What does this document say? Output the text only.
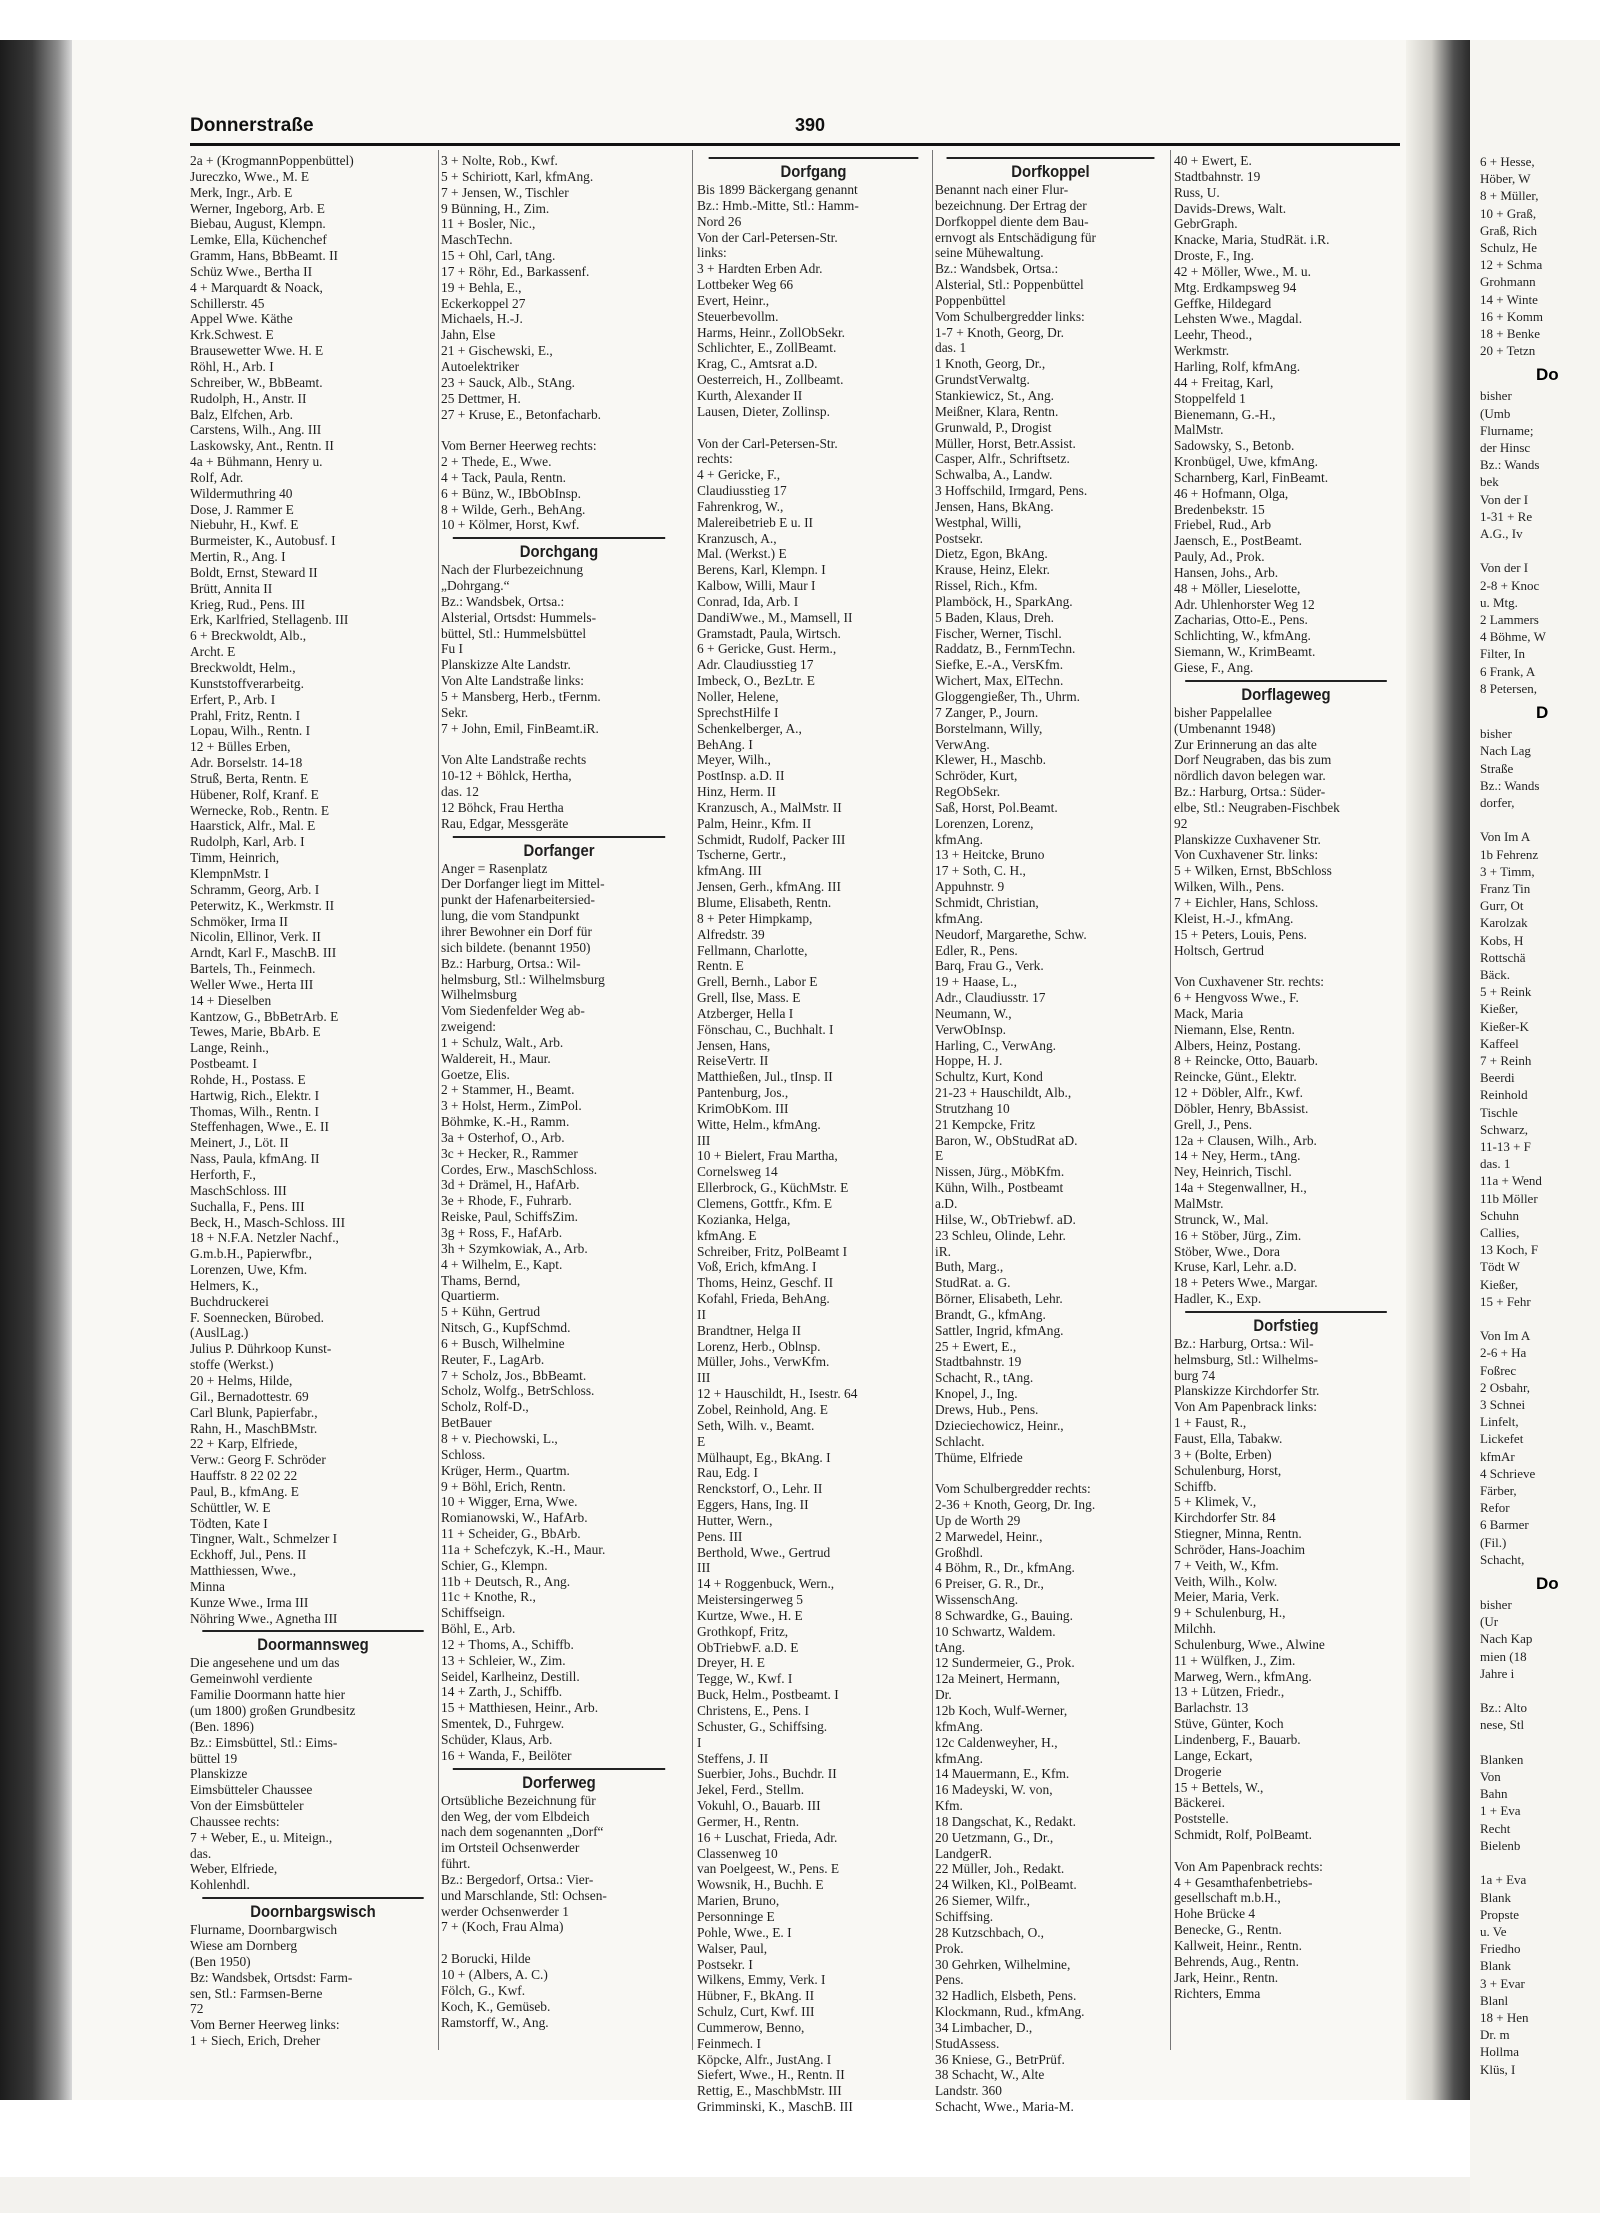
6 + Hesse,
Höber, W
8 + Müller,
10 + Graß,
Graß, Rich
Schulz, He
12 + Schma
Grohmann
14 + Winte
16 + Komm
18 + Benke
20 + Tetzn
Do
bisher
(Umb
Flurname;
der Hinsc
Bz.: Wands
bek
Von der I
1-31 + Re
A.G., Iv

Von der I
2-8 + Knoc
u. Mtg.
2 Lammers
4 Böhme, W
Filter, In
6 Frank, A
8 Petersen,
D
bisher
Nach Lag
Straße
Bz.: Wands
dorfer,

Von Im A
1b Fehrenz
3 + Timm,
Franz Tin
Gurr, Ot
Karolzak
Kobs, H
Rottschä
Bäck.
5 + Reink
Kießer,
Kießer-K
Kaffeel
7 + Reinh
Beerdi
Reinhold
Tischle
Schwarz,
11-13 + F
das. 1
11a + Wend
11b Möller
Schuhn
Callies,
13 Koch, F
Tödt W
Kießer,
15 + Fehr

Von Im A
2-6 + Ha
Foßrec
2 Osbahr,
3 Schnei
Linfelt,
Lickefet
kfmAr
4 Schrieve
Färber,
Refor
6 Barmer
(Fil.)
Schacht,
Do
bisher
(Ur
Nach Kap
mien (18
Jahre i

Bz.: Alto
nese, Stl

Blanken
Von
Bahn
1 + Eva
Recht
Bielenb

1a + Eva
Blank
Propste
u. Ve
Friedho
Blank
3 + Evar
Blanl
18 + Hen
Dr. m
Hollma
Klüs, I
Donnerstraße	390
2a + (KrogmannPoppenbüttel)
Jureczko, Wwe., M. E
Merk, Ingr., Arb. E
Werner, Ingeborg, Arb. E
Biebau, August, Klempn.
Lemke, Ella, Küchenchef
Gramm, Hans, BbBeamt. II
Schüz Wwe., Bertha II
4 + Marquardt & Noack,
Schillerstr. 45
Appel Wwe. Käthe
Krk.Schwest. E
Brausewetter Wwe. H. E
Röhl, H., Arb. I
Schreiber, W., BbBeamt.
Rudolph, H., Anstr. II
Balz, Elfchen, Arb.
Carstens, Wilh., Ang. III
Laskowsky, Ant., Rentn. II
4a + Bühmann, Henry u.
Rolf, Adr.
Wildermuthring 40
Dose, J. Rammer E
Niebuhr, H., Kwf. E
Burmeister, K., Autobusf. I
Mertin, R., Ang. I
Boldt, Ernst, Steward II
Brütt, Annita II
Krieg, Rud., Pens. III
Erk, Karlfried, Stellagenb. III
6 + Breckwoldt, Alb.,
Archt. E
Breckwoldt, Helm.,
Kunststoffverarbeitg.
Erfert, P., Arb. I
Prahl, Fritz, Rentn. I
Lopau, Wilh., Rentn. I
12 + Bülles Erben,
Adr. Borselstr. 14-18
Struß, Berta, Rentn. E
Hübener, Rolf, Kranf. E
Wernecke, Rob., Rentn. E
Haarstick, Alfr., Mal. E
Rudolph, Karl, Arb. I
Timm, Heinrich,
KlempnMstr. I
Schramm, Georg, Arb. I
Peterwitz, K., Werkmstr. II
Schmöker, Irma II
Nicolin, Ellinor, Verk. II
Arndt, Karl F., MaschB. III
Bartels, Th., Feinmech.
Weller Wwe., Herta III
14 + Dieselben
Kantzow, G., BbBetrArb. E
Tewes, Marie, BbArb. E
Lange, Reinh.,
Postbeamt. I
Rohde, H., Postass. E
Hartwig, Rich., Elektr. I
Thomas, Wilh., Rentn. I
Steffenhagen, Wwe., E. II
Meinert, J., Löt. II
Nass, Paula, kfmAng. II
Herforth, F.,
MaschSchloss. III
Suchalla, F., Pens. III
Beck, H., Masch-Schloss. III
18 + N.F.A. Netzler Nachf.,
G.m.b.H., Papierwfbr.,
Lorenzen, Uwe, Kfm.
Helmers, K.,
Buchdruckerei
F. Soennecken, Bürobed.
(AuslLag.)
Julius P. Dührkoop Kunst-
stoffe (Werkst.)
20 + Helms, Hilde,
Gil., Bernadottestr. 69
Carl Blunk, Papierfabr.,
Rahn, H., MaschBMstr.
22 + Karp, Elfriede,
Verw.: Georg F. Schröder
Hauffstr. 8 22 02 22
Paul, B., kfmAng. E
Schüttler, W. E
Tödten, Kate I
Tingner, Walt., Schmelzer I
Eckhoff, Jul., Pens. II
Matthiessen, Wwe.,
Minna
Kunze Wwe., Irma III
Nöhring Wwe., Agnetha III
Doormannsweg
Die angesehene und um das
Gemeinwohl verdiente
Familie Doormann hatte hier
(um 1800) großen Grundbesitz
(Ben. 1896)
Bz.: Eimsbüttel, Stl.: Eims-
büttel 19
Planskizze
Eimsbütteler Chaussee
Von der Eimsbütteler
Chaussee rechts:
7 + Weber, E., u. Miteign.,
das.
Weber, Elfriede,
Kohlenhdl.
Doornbargswisch
Flurname, Doornbargwisch
Wiese am Dornberg
(Ben 1950)
Bz: Wandsbek, Ortsdst: Farm-
sen, Stl.: Farmsen-Berne
72
Vom Berner Heerweg links:
1 + Siech, Erich, Dreher
3 + Nolte, Rob., Kwf.
5 + Schiriott, Karl, kfmAng.
7 + Jensen, W., Tischler
9 Bünning, H., Zim.
11 + Bosler, Nic.,
MaschTechn.
15 + Ohl, Carl, tAng.
17 + Röhr, Ed., Barkassenf.
19 + Behla, E.,
Eckerkoppel 27
Michaels, H.-J.
Jahn, Else
21 + Gischewski, E.,
Autoelektriker
23 + Sauck, Alb., StAng.
25 Dettmer, H.
27 + Kruse, E., Betonfacharb.

Vom Berner Heerweg rechts:
2 + Thede, E., Wwe.
4 + Tack, Paula, Rentn.
6 + Bünz, W., IBbObInsp.
8 + Wilde, Gerh., BehAng.
10 + Kölmer, Horst, Kwf.
Dorchgang
Nach der Flurbezeichnung
„Dohrgang.“
Bz.: Wandsbek, Ortsa.:
Alsterial, Ortsdst: Hummels-
büttel, Stl.: Hummelsbüttel
Fu I
Planskizze Alte Landstr.
Von Alte Landstraße links:
5 + Mansberg, Herb., tFernm.
Sekr.
7 + John, Emil, FinBeamt.iR.

Von Alte Landstraße rechts
10-12 + Böhlck, Hertha,
das. 12
12 Böhck, Frau Hertha
Rau, Edgar, Messgeräte
Dorfanger
Anger = Rasenplatz
Der Dorfanger liegt im Mittel-
punkt der Hafenarbeitersied-
lung, die vom Standpunkt
ihrer Bewohner ein Dorf für
sich bildete. (benannt 1950)
Bz.: Harburg, Ortsa.: Wil-
helmsburg, Stl.: Wilhelmsburg
Wilhelmsburg
Vom Siedenfelder Weg ab-
zweigend:
1 + Schulz, Walt., Arb.
Waldereit, H., Maur.
Goetze, Elis.
2 + Stammer, H., Beamt.
3 + Holst, Herm., ZimPol.
Böhmke, K.-H., Ramm.
3a + Osterhof, O., Arb.
3c + Hecker, R., Rammer
Cordes, Erw., MaschSchloss.
3d + Drämel, H., HafArb.
3e + Rhode, F., Fuhrarb.
Reiske, Paul, SchiffsZim.
3g + Ross, F., HafArb.
3h + Szymkowiak, A., Arb.
4 + Wilhelm, E., Kapt.
Thams, Bernd,
Quartierm.
5 + Kühn, Gertrud
Nitsch, G., KupfSchmd.
6 + Busch, Wilhelmine
Reuter, F., LagArb.
7 + Scholz, Jos., BbBeamt.
Scholz, Wolfg., BetrSchloss.
Scholz, Rolf-D.,
BetBauer
8 + v. Piechowski, L.,
Schloss.
Krüger, Herm., Quartm.
9 + Böhl, Erich, Rentn.
10 + Wigger, Erna, Wwe.
Romianowski, W., HafArb.
11 + Scheider, G., BbArb.
11a + Schefczyk, K.-H., Maur.
Schier, G., Klempn.
11b + Deutsch, R., Ang.
11c + Knothe, R.,
Schiffseign.
Böhl, E., Arb.
12 + Thoms, A., Schiffb.
13 + Schleier, W., Zim.
Seidel, Karlheinz, Destill.
14 + Zarth, J., Schiffb.
15 + Matthiesen, Heinr., Arb.
Smentek, D., Fuhrgew.
Schüder, Klaus, Arb.
16 + Wanda, F., Beilöter
Dorferweg
Ortsübliche Bezeichnung für
den Weg, der vom Elbdeich
nach dem sogenannten „Dorf“
im Ortsteil Ochsenwerder
führt.
Bz.: Bergedorf, Ortsa.: Vier-
und Marschlande, Stl: Ochsen-
werder Ochsenwerder 1
7 + (Koch, Frau Alma)

2 Borucki, Hilde
10 + (Albers, A. C.)
Fölch, G., Kwf.
Koch, K., Gemüseb.
Ramstorff, W., Ang.
Dorfgang
Bis 1899 Bäckergang genannt
Bz.: Hmb.-Mitte, Stl.: Hamm-
Nord 26
Von der Carl-Petersen-Str.
links:
3 + Hardten Erben Adr.
Lottbeker Weg 66
Evert, Heinr.,
Steuerbevollm.
Harms, Heinr., ZollObSekr.
Schlichter, E., ZollBeamt.
Krag, C., Amtsrat a.D.
Oesterreich, H., Zollbeamt.
Kurth, Alexander II
Lausen, Dieter, Zollinsp.

Von der Carl-Petersen-Str.
rechts:
4 + Gericke, F.,
Claudiusstieg 17
Fahrenkrog, W.,
Malereibetrieb E u. II
Kranzusch, A.,
Mal. (Werkst.) E
Berens, Karl, Klempn. I
Kalbow, Willi, Maur I
Conrad, Ida, Arb. I
DandiWwe., M., Mamsell, II
Gramstadt, Paula, Wirtsch.
6 + Gericke, Gust. Herm.,
Adr. Claudiusstieg 17
Imbeck, O., BezLtr. E
Noller, Helene,
SprechstHilfe I
Schenkelberger, A.,
BehAng. I
Meyer, Wilh.,
PostInsp. a.D. II
Hinz, Herm. II
Kranzusch, A., MalMstr. II
Palm, Heinr., Kfm. II
Schmidt, Rudolf, Packer III
Tscherne, Gertr.,
kfmAng. III
Jensen, Gerh., kfmAng. III
Blume, Elisabeth, Rentn.
8 + Peter Himpkamp,
Alfredstr. 39
Fellmann, Charlotte,
Rentn. E
Grell, Bernh., Labor E
Grell, Ilse, Mass. E
Atzberger, Hella I
Fönschau, C., Buchhalt. I
Jensen, Hans,
ReiseVertr. II
Matthießen, Jul., tInsp. II
Pantenburg, Jos.,
KrimObKom. III
Witte, Helm., kfmAng.
III
10 + Bielert, Frau Martha,
Cornelsweg 14
Ellerbrock, G., KüchMstr. E
Clemens, Gottfr., Kfm. E
Kozianka, Helga,
kfmAng. E
Schreiber, Fritz, PolBeamt I
Voß, Erich, kfmAng. I
Thoms, Heinz, Geschf. II
Kofahl, Frieda, BehAng.
II
Brandtner, Helga II
Lorenz, Herb., Oblnsp.
Müller, Johs., VerwKfm.
III
12 + Hauschildt, H., Isestr. 64
Zobel, Reinhold, Ang. E
Seth, Wilh. v., Beamt.
E
Mülhaupt, Eg., BkAng. I
Rau, Edg. I
Renckstorf, O., Lehr. II
Eggers, Hans, Ing. II
Hutter, Wern.,
Pens. III
Berthold, Wwe., Gertrud
III
14 + Roggenbuck, Wern.,
Meistersingerweg 5
Kurtze, Wwe., H. E
Grothkopf, Fritz,
ObTriebwF. a.D. E
Dreyer, H. E
Tegge, W., Kwf. I
Buck, Helm., Postbeamt. I
Christens, E., Pens. I
Schuster, G., Schiffsing.
I
Steffens, J. II
Suerbier, Johs., Buchdr. II
Jekel, Ferd., Stellm.
Vokuhl, O., Bauarb. III
Germer, H., Rentn.
16 + Luschat, Frieda, Adr.
Classenweg 10
van Poelgeest, W., Pens. E
Wowsnik, H., Buchh. E
Marien, Bruno,
Personninge E
Pohle, Wwe., E. I
Walser, Paul,
Postsekr. I
Wilkens, Emmy, Verk. I
Hübner, F., BkAng. II
Schulz, Curt, Kwf. III
Cummerow, Benno,
Feinmech. I
Köpcke, Alfr., JustAng. I
Siefert, Wwe., H., Rentn. II
Rettig, E., MaschbMstr. III
Grimminski, K., MaschB. III
Dorfkoppel
Benannt nach einer Flur-
bezeichnung. Der Ertrag der
Dorfkoppel diente dem Bau-
ernvogt als Entschädigung für
seine Mühewaltung.
Bz.: Wandsbek, Ortsa.:
Alsterial, Stl.: Poppenbüttel
Poppenbüttel
Vom Schulbergredder links:
1-7 + Knoth, Georg, Dr.
das. 1
1 Knoth, Georg, Dr.,
GrundstVerwaltg.
Stankiewicz, St., Ang.
Meißner, Klara, Rentn.
Grunwald, P., Drogist
Müller, Horst, Betr.Assist.
Casper, Alfr., Schriftsetz.
Schwalba, A., Landw.
3 Hoffschild, Irmgard, Pens.
Jensen, Hans, BkAng.
Westphal, Willi,
Postsekr.
Dietz, Egon, BkAng.
Krause, Heinz, Elekr.
Rissel, Rich., Kfm.
Plamböck, H., SparkAng.
5 Baden, Klaus, Dreh.
Fischer, Werner, Tischl.
Raddatz, B., FernmTechn.
Siefke, E.-A., VersKfm.
Wichert, Max, ElTechn.
Gloggengießer, Th., Uhrm.
7 Zanger, P., Journ.
Borstelmann, Willy,
VerwAng.
Klewer, H., Maschb.
Schröder, Kurt,
RegObSekr.
Saß, Horst, Pol.Beamt.
Lorenzen, Lorenz,
kfmAng.
13 + Heitcke, Bruno
17 + Soth, C. H.,
Appuhnstr. 9
Schmidt, Christian,
kfmAng.
Neudorf, Margarethe, Schw.
Edler, R., Pens.
Barq, Frau G., Verk.
19 + Haase, L.,
Adr., Claudiusstr. 17
Neumann, W.,
VerwObInsp.
Harling, C., VerwAng.
Hoppe, H. J.
Schultz, Kurt, Kond
21-23 + Hauschildt, Alb.,
Strutzhang 10
21 Kempcke, Fritz
Baron, W., ObStudRat aD.
E
Nissen, Jürg., MöbKfm.
Kühn, Wilh., Postbeamt
a.D.
Hilse, W., ObTriebwf. aD.
23 Schleu, Olinde, Lehr.
iR.
Buth, Marg.,
StudRat. a. G.
Börner, Elisabeth, Lehr.
Brandt, G., kfmAng.
Sattler, Ingrid, kfmAng.
25 + Ewert, E.,
Stadtbahnstr. 19
Schacht, R., tAng.
Knopel, J., Ing.
Drews, Hub., Pens.
Dzieciechowicz, Heinr.,
Schlacht.
Thüme, Elfriede

Vom Schulbergredder rechts:
2-36 + Knoth, Georg, Dr. Ing.
Up de Worth 29
2 Marwedel, Heinr.,
Großhdl.
4 Böhm, R., Dr., kfmAng.
6 Preiser, G. R., Dr.,
WissenschAng.
8 Schwardke, G., Bauing.
10 Schwartz, Waldem.
tAng.
12 Sundermeier, G., Prok.
12a Meinert, Hermann,
Dr.
12b Koch, Wulf-Werner,
kfmAng.
12c Caldenweyher, H.,
kfmAng.
14 Mauermann, E., Kfm.
16 Madeyski, W. von,
Kfm.
18 Dangschat, K., Redakt.
20 Uetzmann, G., Dr.,
LandgerR.
22 Müller, Joh., Redakt.
24 Wilken, Kl., PolBeamt.
26 Siemer, Wilfr.,
Schiffsing.
28 Kutzschbach, O.,
Prok.
30 Gehrken, Wilhelmine,
Pens.
32 Hadlich, Elsbeth, Pens.
Klockmann, Rud., kfmAng.
34 Limbacher, D.,
StudAssess.
36 Kniese, G., BetrPrüf.
38 Schacht, W., Alte
Landstr. 360
Schacht, Wwe., Maria-M.
40 + Ewert, E.
Stadtbahnstr. 19
Russ, U.
Davids-Drews, Walt.
GebrGraph.
Knacke, Maria, StudRät. i.R.
Droste, F., Ing.
42 + Möller, Wwe., M. u.
Mtg. Erdkampsweg 94
Geffke, Hildegard
Lehsten Wwe., Magdal.
Leehr, Theod.,
Werkmstr.
Harling, Rolf, kfmAng.
44 + Freitag, Karl,
Stoppelfeld 1
Bienemann, G.-H.,
MalMstr.
Sadowsky, S., Betonb.
Kronbügel, Uwe, kfmAng.
Scharnberg, Karl, FinBeamt.
46 + Hofmann, Olga,
Bredenbekstr. 15
Friebel, Rud., Arb
Jaensch, E., PostBeamt.
Pauly, Ad., Prok.
Hansen, Johs., Arb.
48 + Möller, Lieselotte,
Adr. Uhlenhorster Weg 12
Zacharias, Otto-E., Pens.
Schlichting, W., kfmAng.
Siemann, W., KrimBeamt.
Giese, F., Ang.
Dorflageweg
bisher Pappelallee
(Umbenannt 1948)
Zur Erinnerung an das alte
Dorf Neugraben, das bis zum
nördlich davon belegen war.
Bz.: Harburg, Ortsa.: Süder-
elbe, Stl.: Neugraben-Fischbek
92
Planskizze Cuxhavener Str.
Von Cuxhavener Str. links:
5 + Wilken, Ernst, BbSchloss
Wilken, Wilh., Pens.
7 + Eichler, Hans, Schloss.
Kleist, H.-J., kfmAng.
15 + Peters, Louis, Pens.
Holtsch, Gertrud

Von Cuxhavener Str. rechts:
6 + Hengvoss Wwe., F.
Mack, Maria
Niemann, Else, Rentn.
Albers, Heinz, Postang.
8 + Reincke, Otto, Bauarb.
Reincke, Günt., Elektr.
12 + Döbler, Alfr., Kwf.
Döbler, Henry, BbAssist.
Grell, J., Pens.
12a + Clausen, Wilh., Arb.
14 + Ney, Herm., tAng.
Ney, Heinrich, Tischl.
14a + Stegenwallner, H.,
MalMstr.
Strunck, W., Mal.
16 + Stöber, Jürg., Zim.
Stöber, Wwe., Dora
Kruse, Karl, Lehr. a.D.
18 + Peters Wwe., Margar.
Hadler, K., Exp.
Dorfstieg
Bz.: Harburg, Ortsa.: Wil-
helmsburg, Stl.: Wilhelms-
burg 74
Planskizze Kirchdorfer Str.
Von Am Papenbrack links:
1 + Faust, R.,
Faust, Ella, Tabakw.
3 + (Bolte, Erben)
Schulenburg, Horst,
Schiffb.
5 + Klimek, V.,
Kirchdorfer Str. 84
Stiegner, Minna, Rentn.
Schröder, Hans-Joachim
7 + Veith, W., Kfm.
Veith, Wilh., Kolw.
Meier, Maria, Verk.
9 + Schulenburg, H.,
Milchh.
Schulenburg, Wwe., Alwine
11 + Wülfken, J., Zim.
Marweg, Wern., kfmAng.
13 + Lützen, Friedr.,
Barlachstr. 13
Stüve, Günter, Koch
Lindenberg, F., Bauarb.
Lange, Eckart,
Drogerie
15 + Bettels, W.,
Bäckerei.
Poststelle.
Schmidt, Rolf, PolBeamt.

Von Am Papenbrack rechts:
4 + Gesamthafenbetriebs-
gesellschaft m.b.H.,
Hohe Brücke 4
Benecke, G., Rentn.
Kallweit, Heinr., Rentn.
Behrends, Aug., Rentn.
Jark, Heinr., Rentn.
Richters, Emma
